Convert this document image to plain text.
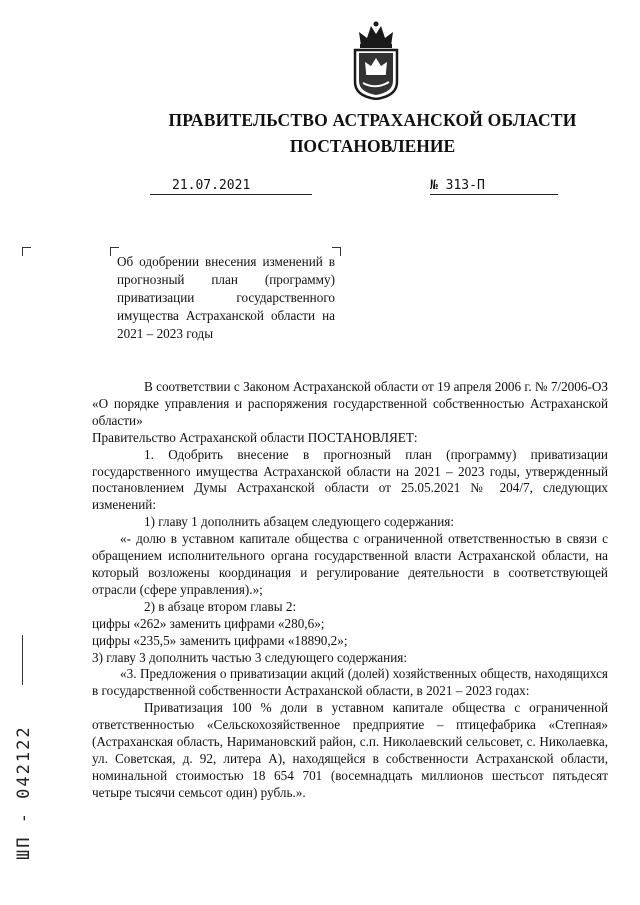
ПРАВИТЕЛЬСТВО АСТРАХАНСКОЙ ОБЛАСТИ
ПОСТАНОВЛЕНИЕ
21.07.2021	№ 313-П
Об одобрении внесения изменений в прогнозный план (программу) приватизации государственного имущества Астраханской области на 2021 – 2023 годы

В соответствии с Законом Астраханской области от 19 апреля 2006 г. № 7/2006-ОЗ «О порядке управления и распоряжения государственной собственностью Астраханской области»

Правительство Астраханской области ПОСТАНОВЛЯЕТ:

1. Одобрить внесение в прогнозный план (программу) приватизации государственного имущества Астраханской области на 2021 – 2023 годы, утвержденный постановлением Думы Астраханской области от 25.05.2021 № 204/7, следующих изменений:

1) главу 1 дополнить абзацем следующего содержания:

«- долю в уставном капитале общества с ограниченной ответственностью в связи с обращением исполнительного органа государственной власти Астраханской области, на который возложены координация и регулирование деятельности в соответствующей отрасли (сфере управления).»;

2) в абзаце втором главы 2:

цифры «262» заменить цифрами «280,6»;

цифры «235,5» заменить цифрами «18890,2»;

3) главу 3 дополнить частью 3 следующего содержания:

«3. Предложения о приватизации акций (долей) хозяйственных обществ, находящихся в государственной собственности Астраханской области, в 2021 – 2023 годах:

Приватизация 100 % доли в уставном капитале общества с ограниченной ответственностью «Сельскохозяйственное предприятие – птицефабрика «Степная» (Астраханская область, Наримановский район, с.п. Николаевский сельсовет, с. Николаевка, ул. Советская, д. 92, литера А), находящейся в собственности Астраханской области, номинальной стоимостью 18 654 701 (восемнадцать миллионов шестьсот пятьдесят четыре тысячи семьсот один) рубль.».

ШП - 042122
